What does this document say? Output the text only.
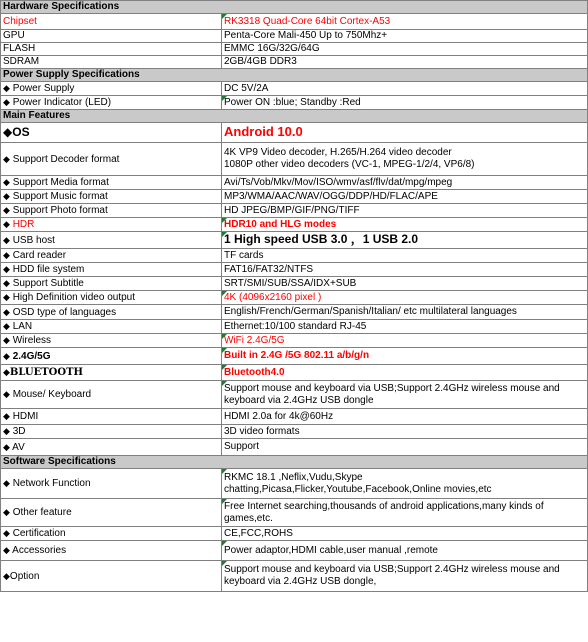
Hardware Specifications	
Chipset	RK3318 Quad-Core 64bit Cortex-A53
GPU	Penta-Core Mali-450 Up to 750Mhz+
FLASH	EMMC 16G/32G/64G
SDRAM	2GB/4GB DDR3
Power Supply Specifications	
◆ Power Supply	DC 5V/2A
◆ Power Indicator (LED)	Power ON :blue; Standby :Red
Main Features	
◆OS	Android 10.0
◆ Support Decoder format	4K VP9 Video decoder, H.265/H.264 video decoder
1080P other video decoders (VC-1, MPEG-1/2/4, VP6/8)
◆ Support Media format	Avi/Ts/Vob/Mkv/Mov/ISO/wmv/asf/flv/dat/mpg/mpeg
◆ Support Music format	MP3/WMA/AAC/WAV/OGG/DDP/HD/FLAC/APE
◆ Support Photo format	HD JPEG/BMP/GIF/PNG/TIFF
◆ HDR	HDR10 and HLG modes
◆ USB host	1 High speed USB 3.0 ，1 USB 2.0
◆ Card reader	TF cards
◆ HDD file system	FAT16/FAT32/NTFS
◆ Support Subtitle	SRT/SMI/SUB/SSA/IDX+SUB
◆ High Definition video output	4K (4096x2160 pixel )
◆ OSD type of languages	English/French/German/Spanish/Italian/ etc multilateral languages
◆ LAN	Ethernet:10/100 standard RJ-45
◆ Wireless	WiFi 2.4G/5G
◆ 2.4G/5G	Built in 2.4G /5G 802.11 a/b/g/n
◆BLUETOOTH	Bluetooth4.0
◆ Mouse/ Keyboard	Support mouse and keyboard via USB;Support 2.4GHz wireless mouse and keyboard via 2.4GHz USB dongle
◆ HDMI	HDMI 2.0a for 4k@60Hz
◆ 3D	3D video formats
◆ AV	Support
Software Specifications	
◆ Network Function	RKMC 18.1 ,Neflix,Vudu,Skype
chatting,Picasa,Flicker,Youtube,Facebook,Online movies,etc
◆ Other feature	Free Internet searching,thousands of android applications,many kinds of games,etc.
◆ Certification	CE,FCC,ROHS
◆ Accessories	Power adaptor,HDMI cable,user manual ,remote
◆Option	Support mouse and keyboard via USB;Support 2.4GHz wireless mouse and keyboard via 2.4GHz USB dongle,
